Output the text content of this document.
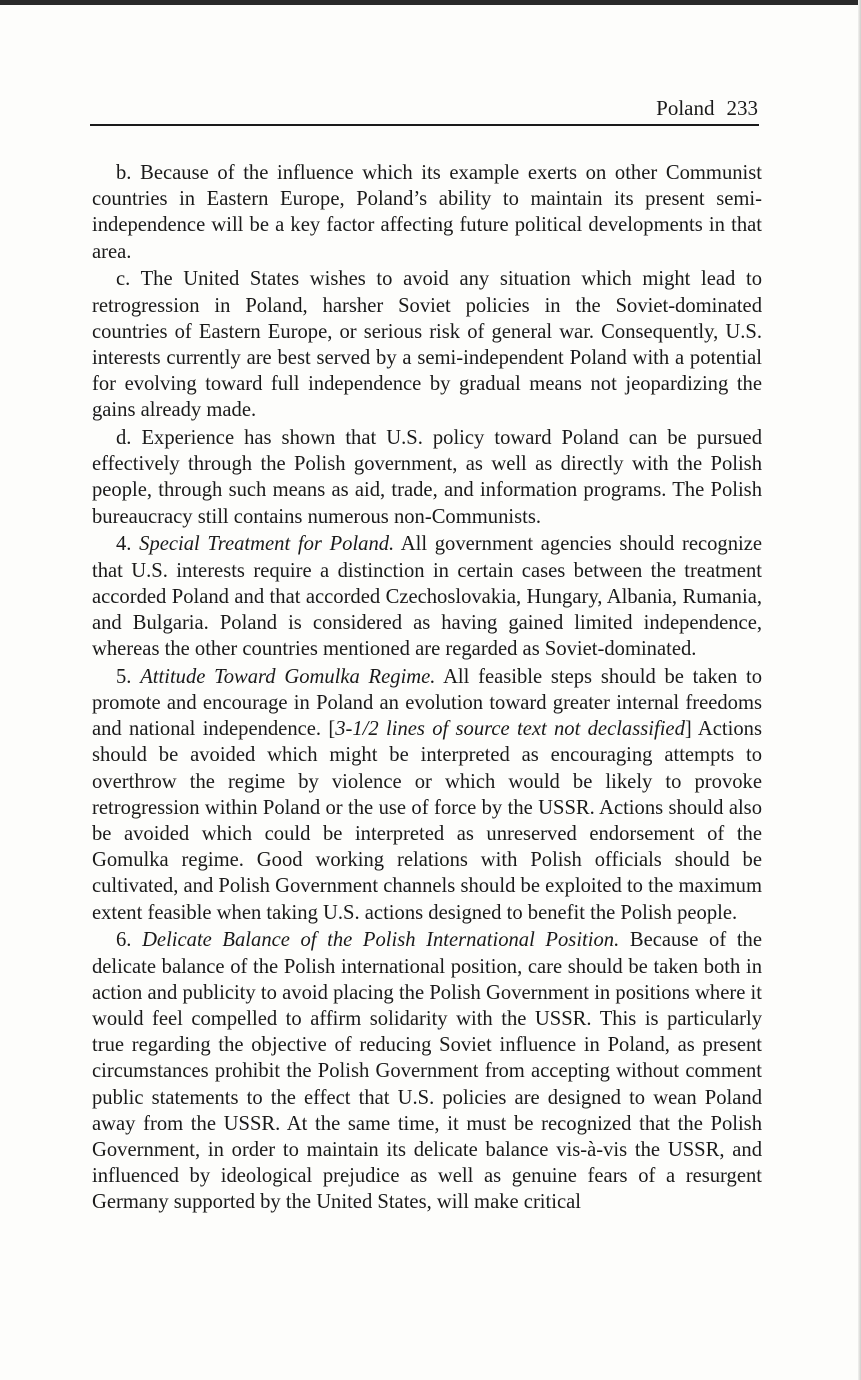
Poland 233

b. Because of the influence which its example exerts on other Communist countries in Eastern Europe, Poland’s ability to maintain its present semi-independence will be a key factor affecting future political developments in that area.

c. The United States wishes to avoid any situation which might lead to retrogression in Poland, harsher Soviet policies in the Soviet-dominated countries of Eastern Europe, or serious risk of general war. Consequently, U.S. interests currently are best served by a semi-independent Poland with a potential for evolving toward full independence by gradual means not jeopardizing the gains already made.

d. Experience has shown that U.S. policy toward Poland can be pursued effectively through the Polish government, as well as directly with the Polish people, through such means as aid, trade, and information programs. The Polish bureaucracy still contains numerous non-Communists.

4. Special Treatment for Poland. All government agencies should recognize that U.S. interests require a distinction in certain cases between the treatment accorded Poland and that accorded Czechoslovakia, Hungary, Albania, Rumania, and Bulgaria. Poland is considered as having gained limited independence, whereas the other countries mentioned are regarded as Soviet-dominated.

5. Attitude Toward Gomulka Regime. All feasible steps should be taken to promote and encourage in Poland an evolution toward greater internal freedoms and national independence. [3-1/2 lines of source text not declassified] Actions should be avoided which might be interpreted as encouraging attempts to overthrow the regime by violence or which would be likely to provoke retrogression within Poland or the use of force by the USSR. Actions should also be avoided which could be interpreted as unreserved endorsement of the Gomulka regime. Good working relations with Polish officials should be cultivated, and Polish Government channels should be exploited to the maximum extent feasible when taking U.S. actions designed to benefit the Polish people.

6. Delicate Balance of the Polish International Position. Because of the delicate balance of the Polish international position, care should be taken both in action and publicity to avoid placing the Polish Government in positions where it would feel compelled to affirm solidarity with the USSR. This is particularly true regarding the objective of reducing Soviet influence in Poland, as present circumstances prohibit the Polish Government from accepting without comment public statements to the effect that U.S. policies are designed to wean Poland away from the USSR. At the same time, it must be recognized that the Polish Government, in order to maintain its delicate balance vis-à-vis the USSR, and influenced by ideological prejudice as well as genuine fears of a resurgent Germany supported by the United States, will make critical
